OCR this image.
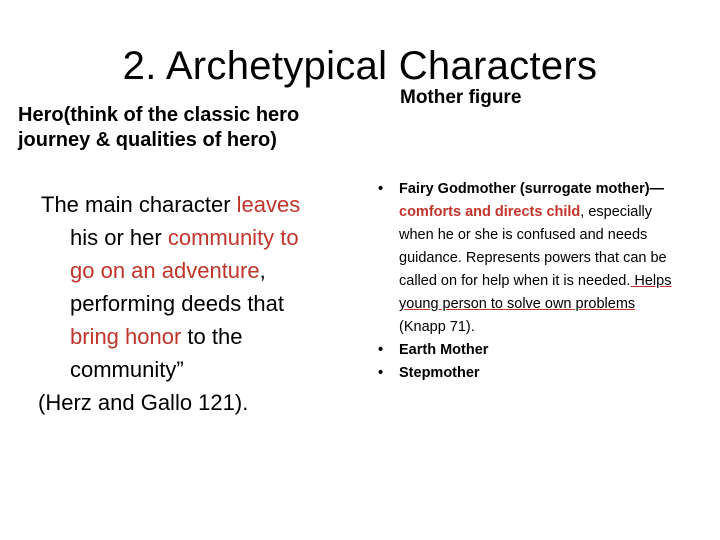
2. Archetypical Characters
Hero(think of the classic hero
journey & qualities of hero)
Mother figure
The main character leaves
his or her community to
go on an adventure,
performing deeds that
bring honor to the
community”
(Herz and Gallo 121).
• Fairy Godmother (surrogate mother)—comforts and directs child, especially when he or she is confused and needs guidance. Represents powers that can be called on for help when it is needed. Helps young person to solve own problems (Knapp 71).
• Earth Mother
• Stepmother
